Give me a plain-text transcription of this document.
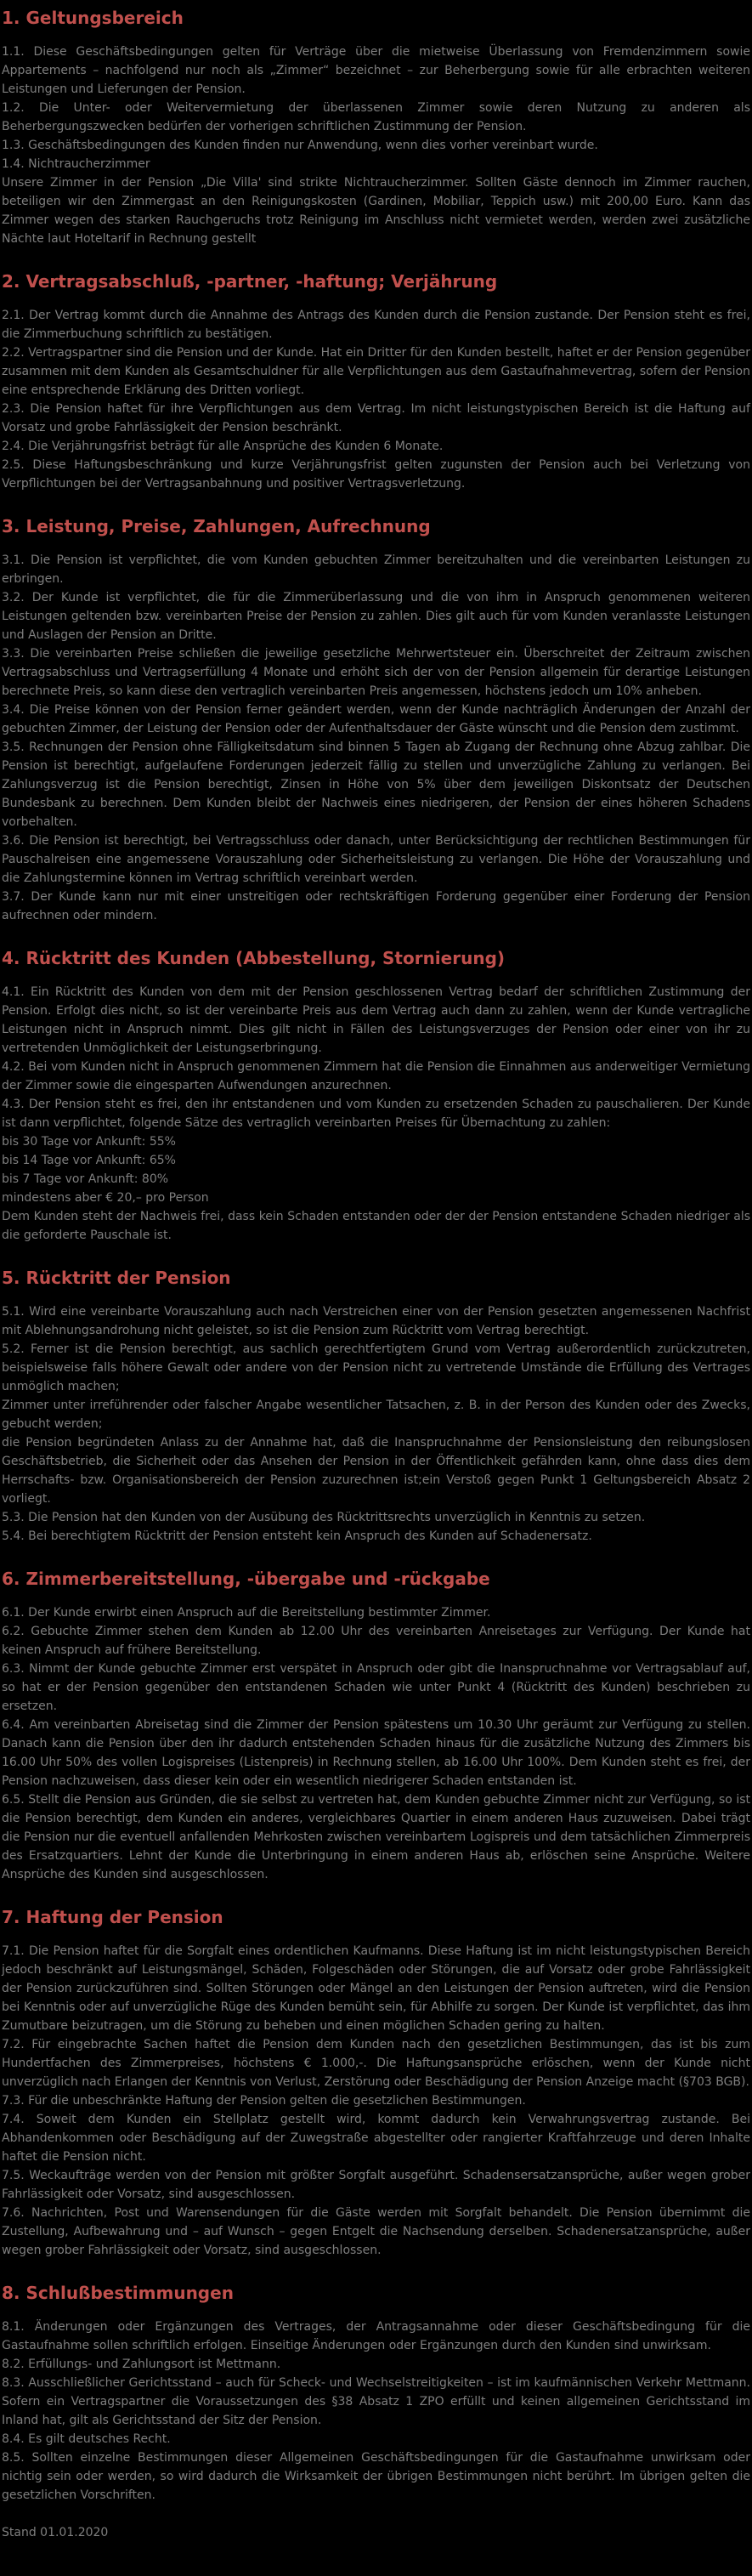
1. Geltungsbereich

1.1. Diese Geschäftsbedingungen gelten für Verträge über die mietweise Überlassung von Fremdenzimmern sowie Appartements – nachfolgend nur noch als „Zimmer“ bezeichnet – zur Beherbergung sowie für alle erbrachten weiteren Leistungen und Lieferungen der Pension.

1.2. Die Unter- oder Weitervermietung der überlassenen Zimmer sowie deren Nutzung zu anderen als Beherbergungszwecken bedürfen der vorherigen schriftlichen Zustimmung der Pension.

1.3. Geschäftsbedingungen des Kunden finden nur Anwendung, wenn dies vorher vereinbart wurde.

1.4. Nichtraucherzimmer

Unsere Zimmer in der Pension „Die Villa' sind strikte Nichtraucherzimmer. Sollten Gäste dennoch im Zimmer rauchen, beteiligen wir den Zimmergast an den Reinigungskosten (Gardinen, Mobiliar, Teppich usw.) mit 200,00 Euro. Kann das Zimmer wegen des starken Rauchgeruchs trotz Reinigung im Anschluss nicht vermietet werden, werden zwei zusätzliche Nächte laut Hoteltarif in Rechnung gestellt

2. Vertragsabschluß, -partner, -haftung; Verjährung

2.1. Der Vertrag kommt durch die Annahme des Antrags des Kunden durch die Pension zustande. Der Pension steht es frei, die Zimmerbuchung schriftlich zu bestätigen.

2.2. Vertragspartner sind die Pension und der Kunde. Hat ein Dritter für den Kunden bestellt, haftet er der Pension gegenüber zusammen mit dem Kunden als Gesamtschuldner für alle Verpflichtungen aus dem Gastaufnahmevertrag, sofern der Pension eine entsprechende Erklärung des Dritten vorliegt.

2.3. Die Pension haftet für ihre Verpflichtungen aus dem Vertrag. Im nicht leistungstypischen Bereich ist die Haftung auf Vorsatz und grobe Fahrlässigkeit der Pension beschränkt.

2.4. Die Verjährungsfrist beträgt für alle Ansprüche des Kunden 6 Monate.

2.5. Diese Haftungsbeschränkung und kurze Verjährungsfrist gelten zugunsten der Pension auch bei Verletzung von Verpflichtungen bei der Vertragsanbahnung und positiver Vertragsverletzung.

3. Leistung, Preise, Zahlungen, Aufrechnung

3.1. Die Pension ist verpflichtet, die vom Kunden gebuchten Zimmer bereitzuhalten und die vereinbarten Leistungen zu erbringen.

3.2. Der Kunde ist verpflichtet, die für die Zimmerüberlassung und die von ihm in Anspruch genommenen weiteren Leistungen geltenden bzw. vereinbarten Preise der Pension zu zahlen. Dies gilt auch für vom Kunden veranlasste Leistungen und Auslagen der Pension an Dritte.

3.3. Die vereinbarten Preise schließen die jeweilige gesetzliche Mehrwertsteuer ein. Überschreitet der Zeitraum zwischen Vertragsabschluss und Vertragserfüllung 4 Monate und erhöht sich der von der Pension allgemein für derartige Leistungen berechnete Preis, so kann diese den vertraglich vereinbarten Preis angemessen, höchstens jedoch um 10% anheben.

3.4. Die Preise können von der Pension ferner geändert werden, wenn der Kunde nachträglich Änderungen der Anzahl der gebuchten Zimmer, der Leistung der Pension oder der Aufenthaltsdauer der Gäste wünscht und die Pension dem zustimmt.

3.5. Rechnungen der Pension ohne Fälligkeitsdatum sind binnen 5 Tagen ab Zugang der Rechnung ohne Abzug zahlbar. Die Pension ist berechtigt, aufgelaufene Forderungen jederzeit fällig zu stellen und unverzügliche Zahlung zu verlangen. Bei Zahlungsverzug ist die Pension berechtigt, Zinsen in Höhe von 5% über dem jeweiligen Diskontsatz der Deutschen Bundesbank zu berechnen. Dem Kunden bleibt der Nachweis eines niedrigeren, der Pension der eines höheren Schadens vorbehalten.

3.6. Die Pension ist berechtigt, bei Vertragsschluss oder danach, unter Berücksichtigung der rechtlichen Bestimmungen für Pauschalreisen eine angemessene Vorauszahlung oder Sicherheitsleistung zu verlangen. Die Höhe der Vorauszahlung und die Zahlungstermine können im Vertrag schriftlich vereinbart werden.

3.7. Der Kunde kann nur mit einer unstreitigen oder rechtskräftigen Forderung gegenüber einer Forderung der Pension aufrechnen oder mindern.

4. Rücktritt des Kunden (Abbestellung, Stornierung)

4.1. Ein Rücktritt des Kunden von dem mit der Pension geschlossenen Vertrag bedarf der schriftlichen Zustimmung der Pension. Erfolgt dies nicht, so ist der vereinbarte Preis aus dem Vertrag auch dann zu zahlen, wenn der Kunde vertragliche Leistungen nicht in Anspruch nimmt. Dies gilt nicht in Fällen des Leistungsverzuges der Pension oder einer von ihr zu vertretenden Unmöglichkeit der Leistungserbringung.

4.2. Bei vom Kunden nicht in Anspruch genommenen Zimmern hat die Pension die Einnahmen aus anderweitiger Vermietung der Zimmer sowie die eingesparten Aufwendungen anzurechnen.

4.3. Der Pension steht es frei, den ihr entstandenen und vom Kunden zu ersetzenden Schaden zu pauschalieren. Der Kunde ist dann verpflichtet, folgende Sätze des vertraglich vereinbarten Preises für Übernachtung zu zahlen:

bis 30 Tage vor Ankunft: 55%

bis 14 Tage vor Ankunft: 65%

bis 7 Tage vor Ankunft: 80%

mindestens aber € 20,– pro Person

Dem Kunden steht der Nachweis frei, dass kein Schaden entstanden oder der der Pension entstandene Schaden niedriger als die geforderte Pauschale ist.

5. Rücktritt der Pension

5.1. Wird eine vereinbarte Vorauszahlung auch nach Verstreichen einer von der Pension gesetzten angemessenen Nachfrist mit Ablehnungsandrohung nicht geleistet, so ist die Pension zum Rücktritt vom Vertrag berechtigt.

5.2. Ferner ist die Pension berechtigt, aus sachlich gerechtfertigtem Grund vom Vertrag außerordentlich zurückzutreten, beispielsweise falls höhere Gewalt oder andere von der Pension nicht zu vertretende Umstände die Erfüllung des Vertrages unmöglich machen;

Zimmer unter irreführender oder falscher Angabe wesentlicher Tatsachen, z. B. in der Person des Kunden oder des Zwecks, gebucht werden;

die Pension begründeten Anlass zu der Annahme hat, daß die Inanspruchnahme der Pensionsleistung den reibungslosen Geschäftsbetrieb, die Sicherheit oder das Ansehen der Pension in der Öffentlichkeit gefährden kann, ohne dass dies dem Herrschafts- bzw. Organisationsbereich der Pension zuzurechnen ist;ein Verstoß gegen Punkt 1 Geltungsbereich Absatz 2 vorliegt.

5.3. Die Pension hat den Kunden von der Ausübung des Rücktrittsrechts unverzüglich in Kenntnis zu setzen.

5.4. Bei berechtigtem Rücktritt der Pension entsteht kein Anspruch des Kunden auf Schadenersatz.

6. Zimmerbereitstellung, -übergabe und -rückgabe

6.1. Der Kunde erwirbt einen Anspruch auf die Bereitstellung bestimmter Zimmer.

6.2. Gebuchte Zimmer stehen dem Kunden ab 12.00 Uhr des vereinbarten Anreisetages zur Verfügung. Der Kunde hat keinen Anspruch auf frühere Bereitstellung.

6.3. Nimmt der Kunde gebuchte Zimmer erst verspätet in Anspruch oder gibt die Inanspruchnahme vor Vertragsablauf auf, so hat er der Pension gegenüber den entstandenen Schaden wie unter Punkt 4 (Rücktritt des Kunden) beschrieben zu ersetzen.

6.4. Am vereinbarten Abreisetag sind die Zimmer der Pension spätestens um 10.30 Uhr geräumt zur Verfügung zu stellen. Danach kann die Pension über den ihr dadurch entstehenden Schaden hinaus für die zusätzliche Nutzung des Zimmers bis 16.00 Uhr 50% des vollen Logispreises (Listenpreis) in Rechnung stellen, ab 16.00 Uhr 100%. Dem Kunden steht es frei, der Pension nachzuweisen, dass dieser kein oder ein wesentlich niedrigerer Schaden entstanden ist.

6.5. Stellt die Pension aus Gründen, die sie selbst zu vertreten hat, dem Kunden gebuchte Zimmer nicht zur Verfügung, so ist die Pension berechtigt, dem Kunden ein anderes, vergleichbares Quartier in einem anderen Haus zuzuweisen. Dabei trägt die Pension nur die eventuell anfallenden Mehrkosten zwischen vereinbartem Logispreis und dem tatsächlichen Zimmerpreis des Ersatzquartiers. Lehnt der Kunde die Unterbringung in einem anderen Haus ab, erlöschen seine Ansprüche. Weitere Ansprüche des Kunden sind ausgeschlossen.

7. Haftung der Pension

7.1. Die Pension haftet für die Sorgfalt eines ordentlichen Kaufmanns. Diese Haftung ist im nicht leistungstypischen Bereich jedoch beschränkt auf Leistungsmängel, Schäden, Folgeschäden oder Störungen, die auf Vorsatz oder grobe Fahrlässigkeit der Pension zurückzuführen sind. Sollten Störungen oder Mängel an den Leistungen der Pension auftreten, wird die Pension bei Kenntnis oder auf unverzügliche Rüge des Kunden bemüht sein, für Abhilfe zu sorgen. Der Kunde ist verpflichtet, das ihm Zumutbare beizutragen, um die Störung zu beheben und einen möglichen Schaden gering zu halten.

7.2. Für eingebrachte Sachen haftet die Pension dem Kunden nach den gesetzlichen Bestimmungen, das ist bis zum Hundertfachen des Zimmerpreises, höchstens € 1.000,-. Die Haftungsansprüche erlöschen, wenn der Kunde nicht unverzüglich nach Erlangen der Kenntnis von Verlust, Zerstörung oder Beschädigung der Pension Anzeige macht (§703 BGB).

7.3. Für die unbeschränkte Haftung der Pension gelten die gesetzlichen Bestimmungen.

7.4. Soweit dem Kunden ein Stellplatz gestellt wird, kommt dadurch kein Verwahrungsvertrag zustande. Bei Abhandenkommen oder Beschädigung auf der Zuwegstraße abgestellter oder rangierter Kraftfahrzeuge und deren Inhalte haftet die Pension nicht.

7.5. Weckaufträge werden von der Pension mit größter Sorgfalt ausgeführt. Schadensersatzansprüche, außer wegen grober Fahrlässigkeit oder Vorsatz, sind ausgeschlossen.

7.6. Nachrichten, Post und Warensendungen für die Gäste werden mit Sorgfalt behandelt. Die Pension übernimmt die Zustellung, Aufbewahrung und – auf Wunsch – gegen Entgelt die Nachsendung derselben. Schadenersatzansprüche, außer wegen grober Fahrlässigkeit oder Vorsatz, sind ausgeschlossen.

8. Schlußbestimmungen

8.1. Änderungen oder Ergänzungen des Vertrages, der Antragsannahme oder dieser Geschäftsbedingung für die Gastaufnahme sollen schriftlich erfolgen. Einseitige Änderungen oder Ergänzungen durch den Kunden sind unwirksam.

8.2. Erfüllungs- und Zahlungsort ist Mettmann.

8.3. Ausschließlicher Gerichtsstand – auch für Scheck- und Wechselstreitigkeiten – ist im kaufmännischen Verkehr Mettmann. Sofern ein Vertragspartner die Voraussetzungen des §38 Absatz 1 ZPO erfüllt und keinen allgemeinen Gerichtsstand im Inland hat, gilt als Gerichtsstand der Sitz der Pension.

8.4. Es gilt deutsches Recht.

8.5. Sollten einzelne Bestimmungen dieser Allgemeinen Geschäftsbedingungen für die Gastaufnahme unwirksam oder nichtig sein oder werden, so wird dadurch die Wirksamkeit der übrigen Bestimmungen nicht berührt. Im übrigen gelten die gesetzlichen Vorschriften.

Stand 01.01.2020
